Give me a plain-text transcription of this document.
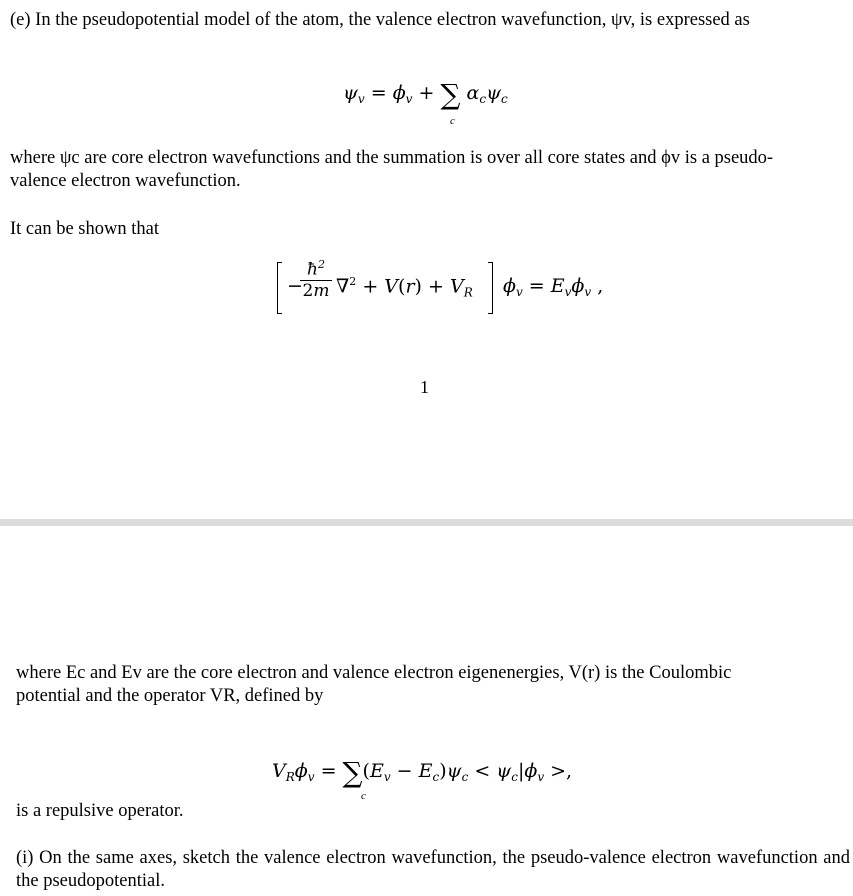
(e) In the pseudopotential model of the atom, the valence electron wavefunction, ψv, is expressed as
$\psi_v = \phi_v$ + ∑ $\alpha_c\psi_c$
c
where ψc are core electron wavefunctions and the summation is over all core states and ϕv is a pseudo-
valence electron wavefunction.
It can be shown that
−
$\frac{ħ^2}{2m} \nabla^2 + V(r) + V_R$ $\phi_v = E_v\phi_v$ ,
1
where Ec and Ev are the core electron and valence electron eigenenergies, V(r) is the Coulombic
potential and the operator VR, defined by
$V_R\phi_v = \sum(E_v - E_c)\psi_c < \psi_c|\phi_v$ >,
c
is a repulsive operator.
(i) On the same axes, sketch the valence electron wavefunction, the pseudo-valence electron wavefunction and the pseudopotential.
